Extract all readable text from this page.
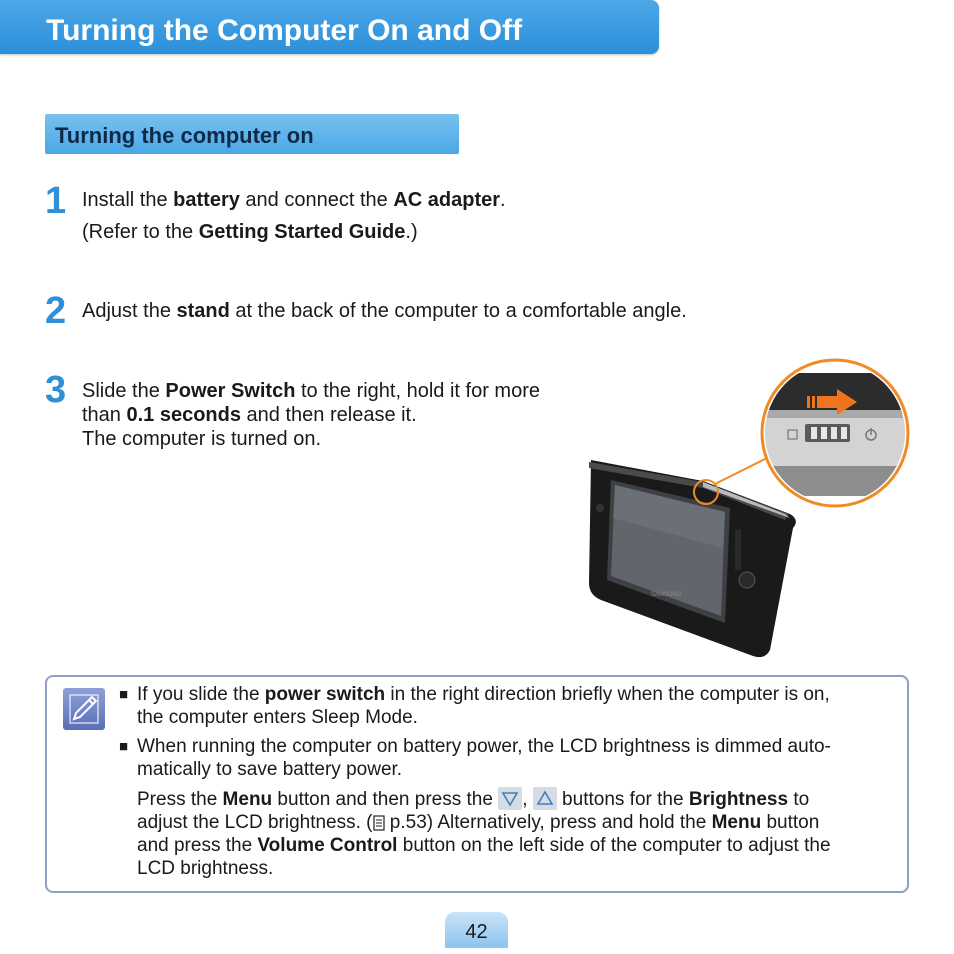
Turning the Computer On and Off
Turning the computer on
1 Install the battery and connect the AC adapter.
(Refer to the Getting Started Guide.)
2 Adjust the stand at the back of the computer to a comfortable angle.
3 Slide the Power Switch to the right, hold it for more
than 0.1 seconds and then release it.
The computer is turned on.
SAMSUNG
■ If you slide the power switch in the right direction briefly when the computer is on,
the computer enters Sleep Mode.
■ When running the computer on battery power, the LCD brightness is dimmed auto-
matically to save battery power.
Press the Menu button and then press the ,  buttons for the Brightness to
adjust the LCD brightness. ( p.53) Alternatively, press and hold the Menu button
and press the Volume Control button on the left side of the computer to adjust the
LCD brightness.
42
